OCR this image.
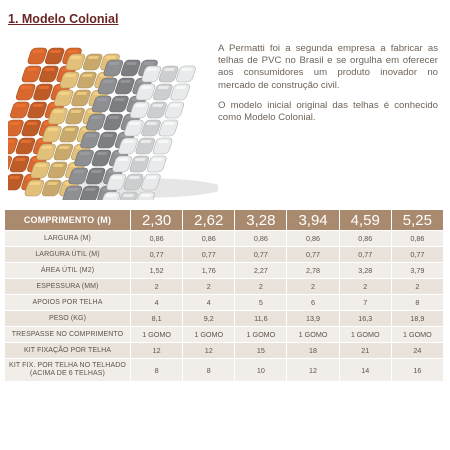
1. Modelo Colonial

A Permatti foi a segunda empresa a fabricar as telhas de PVC no Brasil e se orgulha em oferecer aos consumidores um produto inovador no mercado de construção civil.

O modelo inicial original das telhas é conhecido como Modelo Colonial.

COMPRIMENTO (M)	2,30	2,62	3,28	3,94	4,59	5,25
LARGURA (M)	0,86	0,86	0,86	0,86	0,86	0,86
LARGURA ÚTIL (M)	0,77	0,77	0,77	0,77	0,77	0,77
ÁREA ÚTIL (M2)	1,52	1,76	2,27	2,78	3,28	3,79
ESPESSURA (MM)	2	2	2	2	2	2
APOIOS POR TELHA	4	4	5	6	7	8
PESO (KG)	8,1	9,2	11,6	13,9	16,3	18,9
TRESPASSE NO COMPRIMENTO	1 GOMO	1 GOMO	1 GOMO	1 GOMO	1 GOMO	1 GOMO
KIT FIXAÇÃO POR TELHA	12	12	15	18	21	24
KIT FIX. POR TELHA NO TELHADO (ACIMA DE 6 TELHAS)	8	8	10	12	14	16
